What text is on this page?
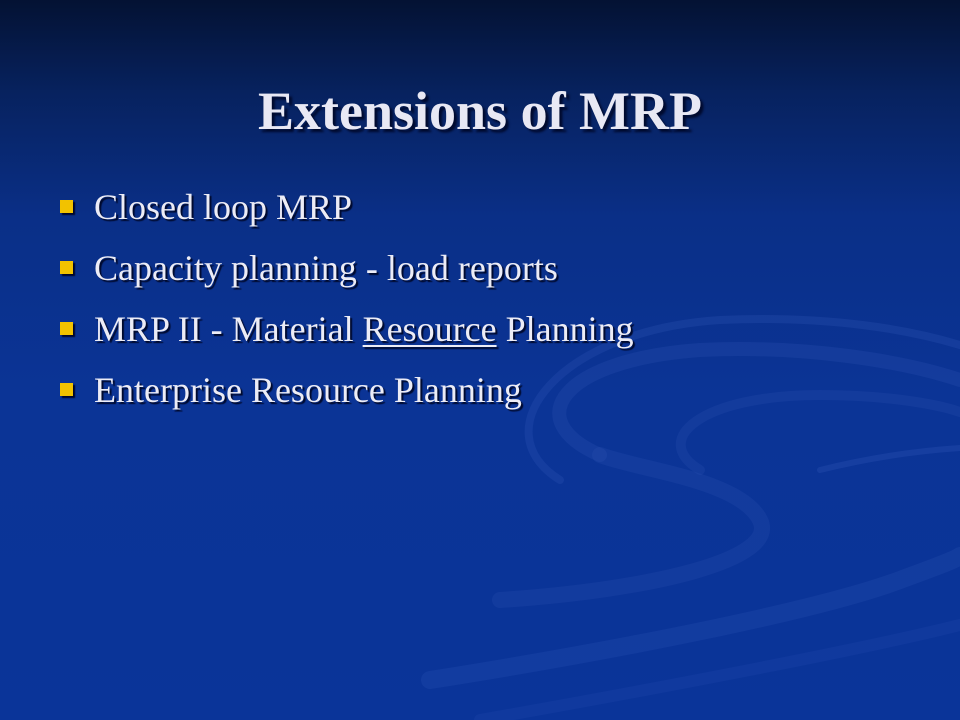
Extensions of MRP
Closed loop MRP
Capacity planning - load reports
MRP II - Material Resource Planning
Enterprise Resource Planning
